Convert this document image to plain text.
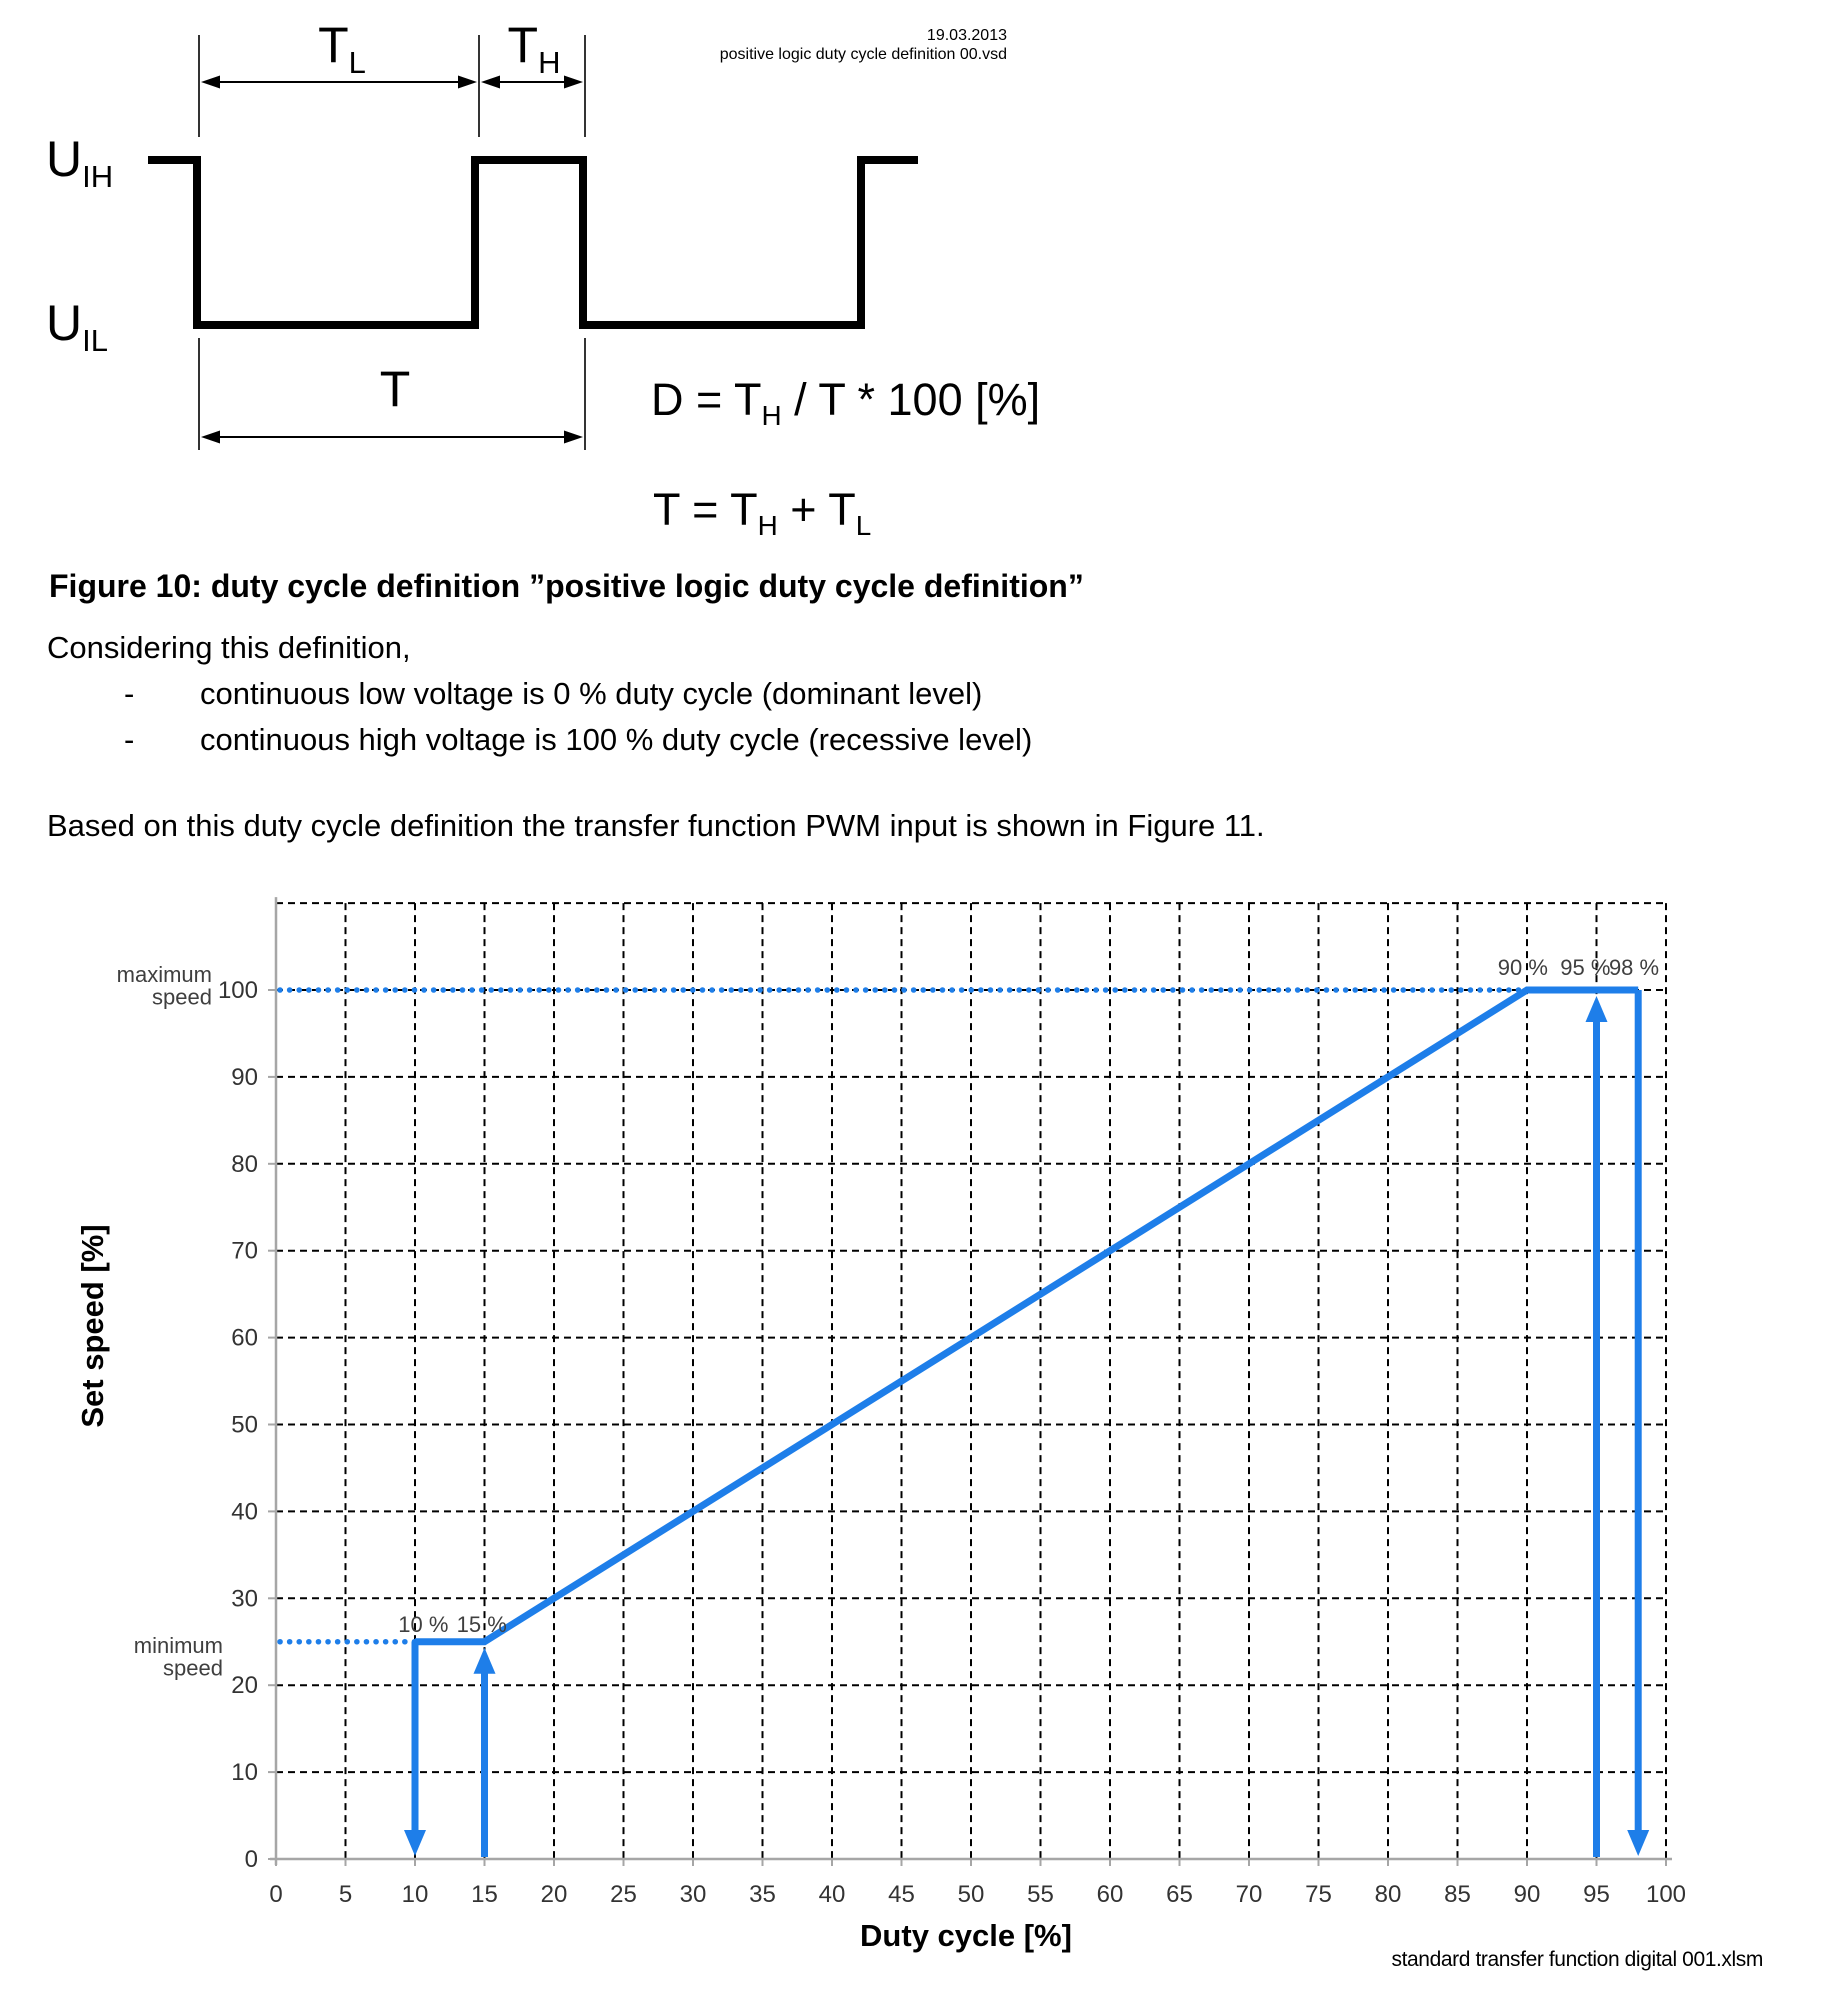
0 5 10 15 20 25 30 35 40 45 50 55 60 65 70 75 80 85 90 95 100
0
10
20
30
40
50
60
70
80
90
100
10 % 15 %
90 % 95 %
98 %
maximum
speed
minimum
speed
Duty cycle [%]
Set speed [%]
19.03.2013
positive logic duty cycle definition 00.vsd
$U_{IH}$
$U_{IL}$
$T_L$	$T_H$
T	$D = T_H / T * 100$ [%]
$T = T_H + T_L$
Figure 10: duty cycle definition ”positive logic duty cycle definition”
Considering this definition,
- continuous low voltage is 0 % duty cycle (dominant level)
- continuous high voltage is 100 % duty cycle (recessive level)
Based on this duty cycle definition the transfer function PWM input is shown in Figure 11.
standard transfer function digital 001.xlsm
